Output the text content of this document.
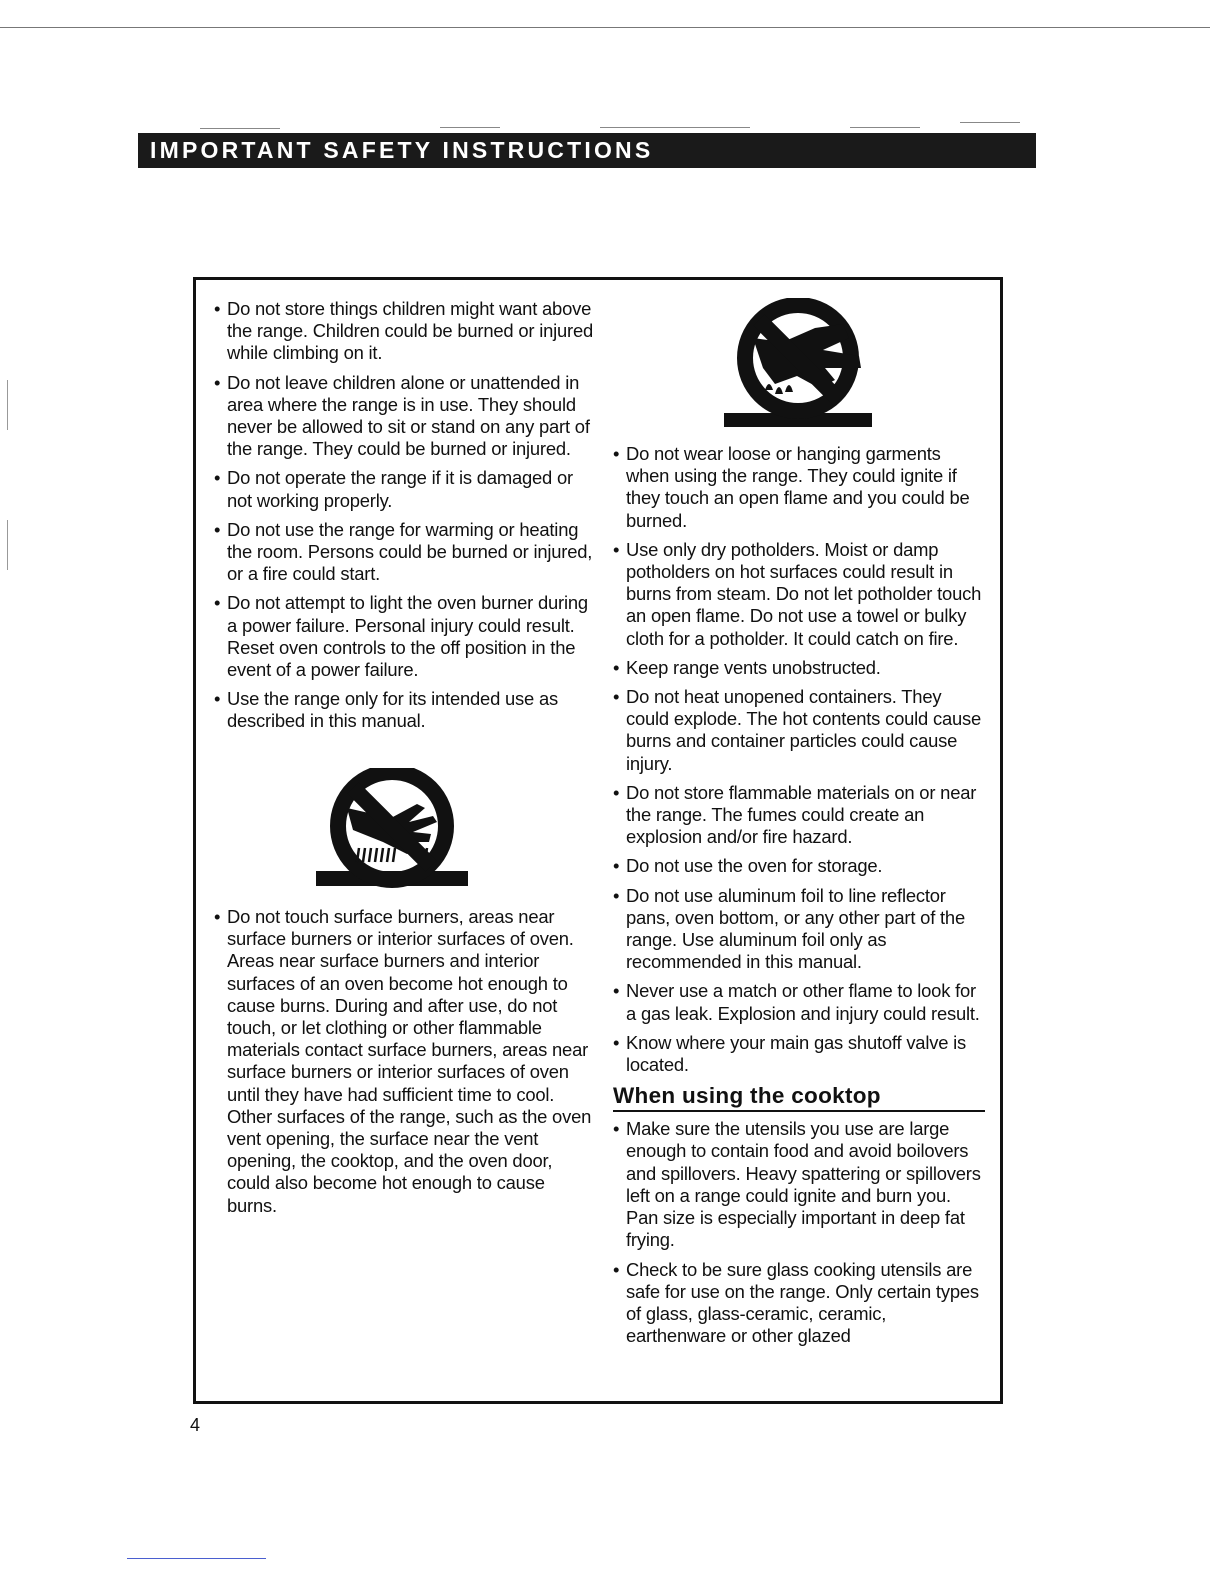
IMPORTANT SAFETY INSTRUCTIONS
• Do not store things children might want above the range. Children could be burned or injured while climbing on it.
• Do not leave children alone or unattended in area where the range is in use. They should never be allowed to sit or stand on any part of the range. They could be burned or injured.
• Do not operate the range if it is damaged or not working properly.
• Do not use the range for warming or heating the room. Persons could be burned or injured, or a fire could start.
• Do not attempt to light the oven burner during a power failure. Personal injury could result. Reset oven controls to the off position in the event of a power failure.
• Use the range only for its intended use as described in this manual.
• Do not touch surface burners, areas near surface burners or interior surfaces of oven. Areas near surface burners and interior surfaces of an oven become hot enough to cause burns. During and after use, do not touch, or let clothing or other flammable materials contact surface burners, areas near surface burners or interior surfaces of oven until they have had sufficient time to cool. Other surfaces of the range, such as the oven vent opening, the surface near the vent opening, the cooktop, and the oven door, could also become hot enough to cause burns.
• Do not wear loose or hanging garments when using the range. They could ignite if they touch an open flame and you could be burned.
• Use only dry potholders. Moist or damp potholders on hot surfaces could result in burns from steam. Do not let potholder touch an open flame. Do not use a towel or bulky cloth for a potholder. It could catch on fire.
• Keep range vents unobstructed.
• Do not heat unopened containers. They could explode. The hot contents could cause burns and container particles could cause injury.
• Do not store flammable materials on or near the range. The fumes could create an explosion and/or fire hazard.
• Do not use the oven for storage.
• Do not use aluminum foil to line reflector pans, oven bottom, or any other part of the range. Use aluminum foil only as recommended in this manual.
• Never use a match or other flame to look for a gas leak. Explosion and injury could result.
• Know where your main gas shutoff valve is located.
When using the cooktop
• Make sure the utensils you use are large enough to contain food and avoid boilovers and spillovers. Heavy spattering or spillovers left on a range could ignite and burn you. Pan size is especially important in deep fat frying.
• Check to be sure glass cooking utensils are safe for use on the range. Only certain types of glass, glass-ceramic, ceramic, earthenware or other glazed
4
